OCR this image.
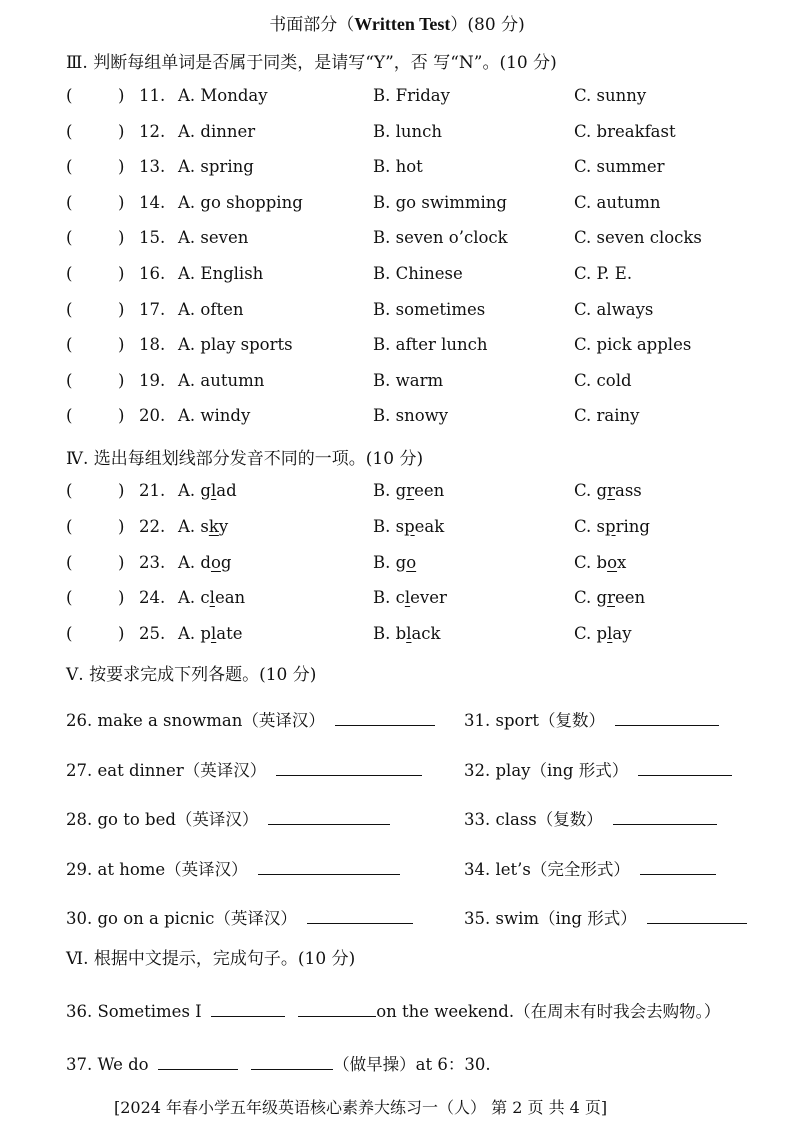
书面部分（Written Test）(80 分)
Ⅲ. 判断每组单词是否属于同类，是请写“Y”，否 写“N”。(10 分)
(	) 11. A. Monday	B. Friday	C. sunny
(	) 12. A. dinner	B. lunch	C. breakfast
(	) 13. A. spring	B. hot	C. summer
(	) 14. A. go shopping	B. go swimming	C. autumn
(	) 15. A. seven	B. seven o’clock	C. seven clocks
(	) 16. A. English	B. Chinese	C. P. E.
(	) 17. A. often	B. sometimes	C. always
(	) 18. A. play sports	B. after lunch	C. pick apples
(	) 19. A. autumn	B. warm	C. cold
(	) 20. A. windy	B. snowy	C. rainy
Ⅳ. 选出每组划线部分发音不同的一项。(10 分)
(	) 21. A. glad	B. green	C. grass
(	) 22. A. sky	B. speak	C. spring
(	) 23. A. dog	B. go	C. box
(	) 24. A. clean	B. clever	C. green
(	) 25. A. plate	B. black	C. play
Ⅴ. 按要求完成下列各题。(10 分)
26. make a snowman（英译汉）	31. sport（复数）
27. eat dinner（英译汉）	32. play（ing 形式）
28. go to bed（英译汉）	33. class（复数）
29. at home（英译汉）	34. let’s（完全形式）
30. go on a picnic（英译汉）	35. swim（ing 形式）
Ⅵ. 根据中文提示，完成句子。(10 分)
36. Sometimes I	on the weekend.（在周末有时我会去购物。）
37. We do	（做早操）at 6：30.
[2024 年春小学五年级英语核心素养大练习一（人） 第 2 页 共 4 页]
